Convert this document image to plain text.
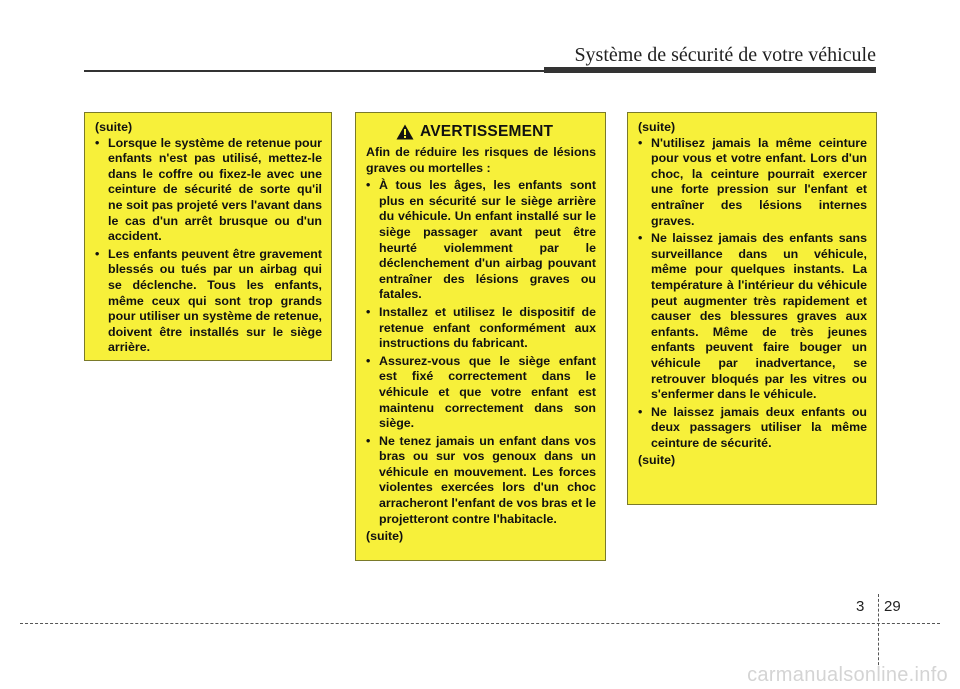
Système de sécurité de votre véhicule

(suite)

• Lorsque le système de retenue pour enfants n'est pas utilisé, mettez-le dans le coffre ou fixez-le avec une ceinture de sécurité de sorte qu'il ne soit pas projeté vers l'avant dans le cas d'un arrêt brusque ou d'un accident.
• Les enfants peuvent être gravement blessés ou tués par un airbag qui se déclenche. Tous les enfants, même ceux qui sont trop grands pour utiliser un système de retenue, doivent être installés sur le siège arrière.
AVERTISSEMENT

Afin de réduire les risques de lésions graves ou mortelles :

• À tous les âges, les enfants sont plus en sécurité sur le siège arrière du véhicule. Un enfant installé sur le siège passager avant peut être heurté violemment par le déclenchement d'un airbag pouvant entraîner des lésions graves ou fatales.
• Installez et utilisez le dispositif de retenue enfant conformément aux instructions du fabricant.
• Assurez-vous que le siège enfant est fixé correctement dans le véhicule et que votre enfant est maintenu correctement dans son siège.
• Ne tenez jamais un enfant dans vos bras ou sur vos genoux dans un véhicule en mouvement. Les forces violentes exercées lors d'un choc arracheront l'enfant de vos bras et le projetteront contre l'habitacle.

(suite)

(suite)

• N'utilisez jamais la même ceinture pour vous et votre enfant. Lors d'un choc, la ceinture pourrait exercer une forte pression sur l'enfant et entraîner des lésions internes graves.
• Ne laissez jamais des enfants sans surveillance dans un véhicule, même pour quelques instants. La température à l'intérieur du véhicule peut augmenter très rapidement et causer des blessures graves aux enfants. Même de très jeunes enfants peuvent faire bouger un véhicule par inadvertance, se retrouver bloqués par les vitres ou s'enfermer dans le véhicule.
• Ne laissez jamais deux enfants ou deux passagers utiliser la même ceinture de sécurité.

(suite)

3 29
carmanualsonline.info
